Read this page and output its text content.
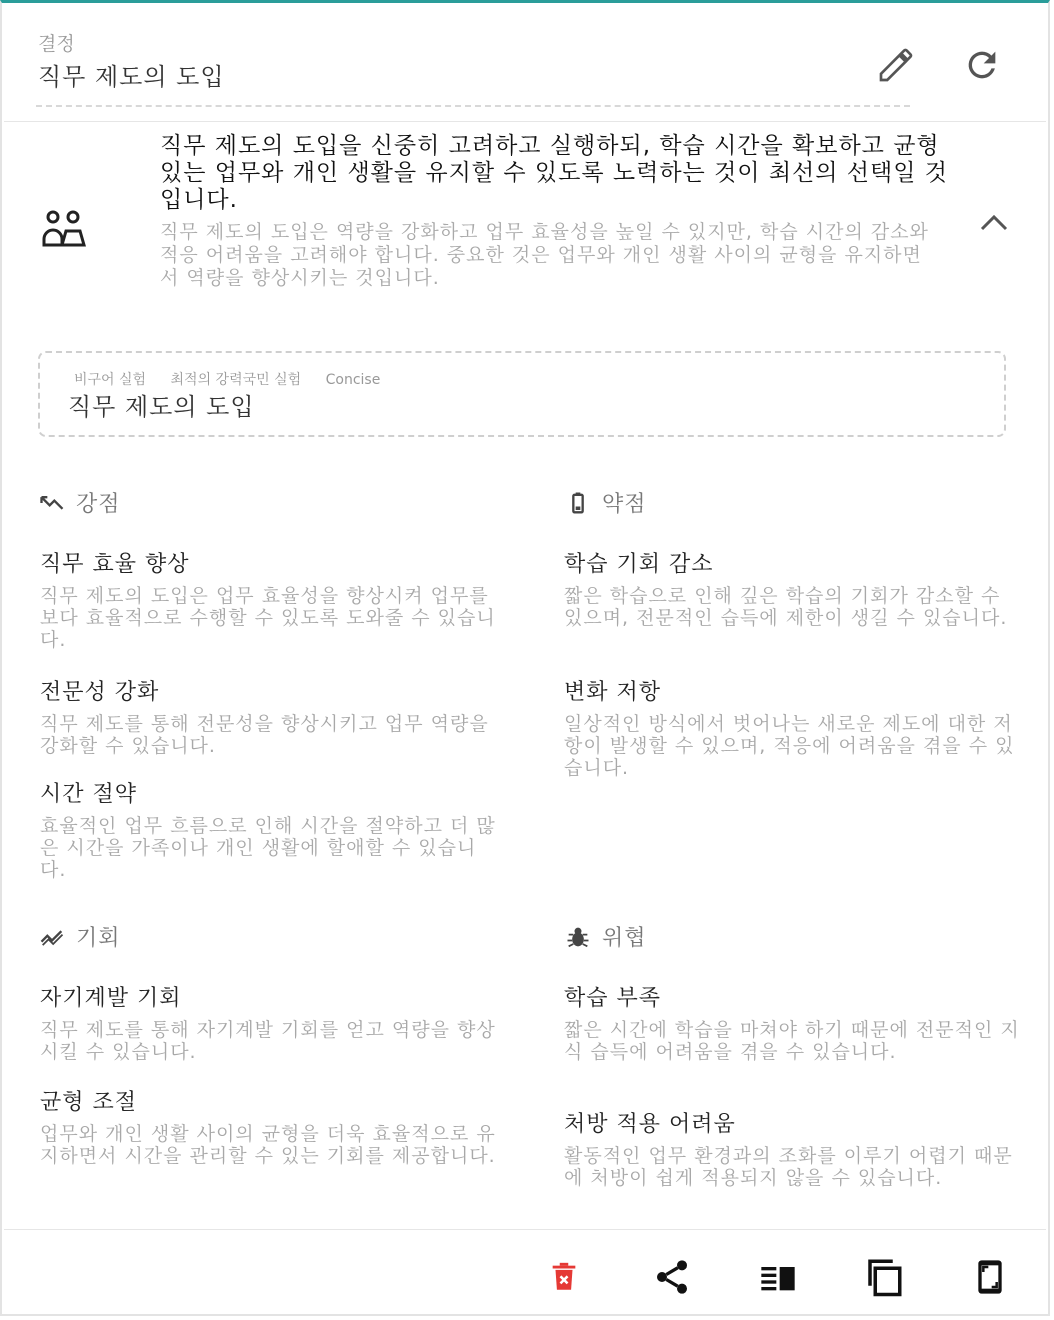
결정
직무 제도의 도입
직무 제도의 도입을 신중히 고려하고 실행하되, 학습 시간을 확보하고 균형있는 업무와 개인 생활을 유지할 수 있도록 노력하는 것이 최선의 선택일 것입니다.
직무 제도의 도입은 역량을 강화하고 업무 효율성을 높일 수 있지만, 학습 시간의 감소와 적응 어려움을 고려해야 합니다. 중요한 것은 업무와 개인 생활 사이의 균형을 유지하면서 역량을 향상시키는 것입니다.
비구어 실험 최적의 강력국민 실험 Concise
직무 제도의 도입
강점
직무 효율 향상
직무 제도의 도입은 업무 효율성을 향상시켜 업무를 보다 효율적으로 수행할 수 있도록 도와줄 수 있습니다.
전문성 강화
직무 제도를 통해 전문성을 향상시키고 업무 역량을 강화할 수 있습니다.
시간 절약
효율적인 업무 흐름으로 인해 시간을 절약하고 더 많은 시간을 가족이나 개인 생활에 할애할 수 있습니다.
약점
학습 기회 감소
짧은 학습으로 인해 깊은 학습의 기회가 감소할 수 있으며, 전문적인 습득에 제한이 생길 수 있습니다.
변화 저항
일상적인 방식에서 벗어나는 새로운 제도에 대한 저항이 발생할 수 있으며, 적응에 어려움을 겪을 수 있습니다.
기회
자기계발 기회
직무 제도를 통해 자기계발 기회를 얻고 역량을 향상시킬 수 있습니다.
균형 조절
업무와 개인 생활 사이의 균형을 더욱 효율적으로 유지하면서 시간을 관리할 수 있는 기회를 제공합니다.
위협
학습 부족
짧은 시간에 학습을 마쳐야 하기 때문에 전문적인 지식 습득에 어려움을 겪을 수 있습니다.
처방 적용 어려움
활동적인 업무 환경과의 조화를 이루기 어렵기 때문에 처방이 쉽게 적용되지 않을 수 있습니다.
